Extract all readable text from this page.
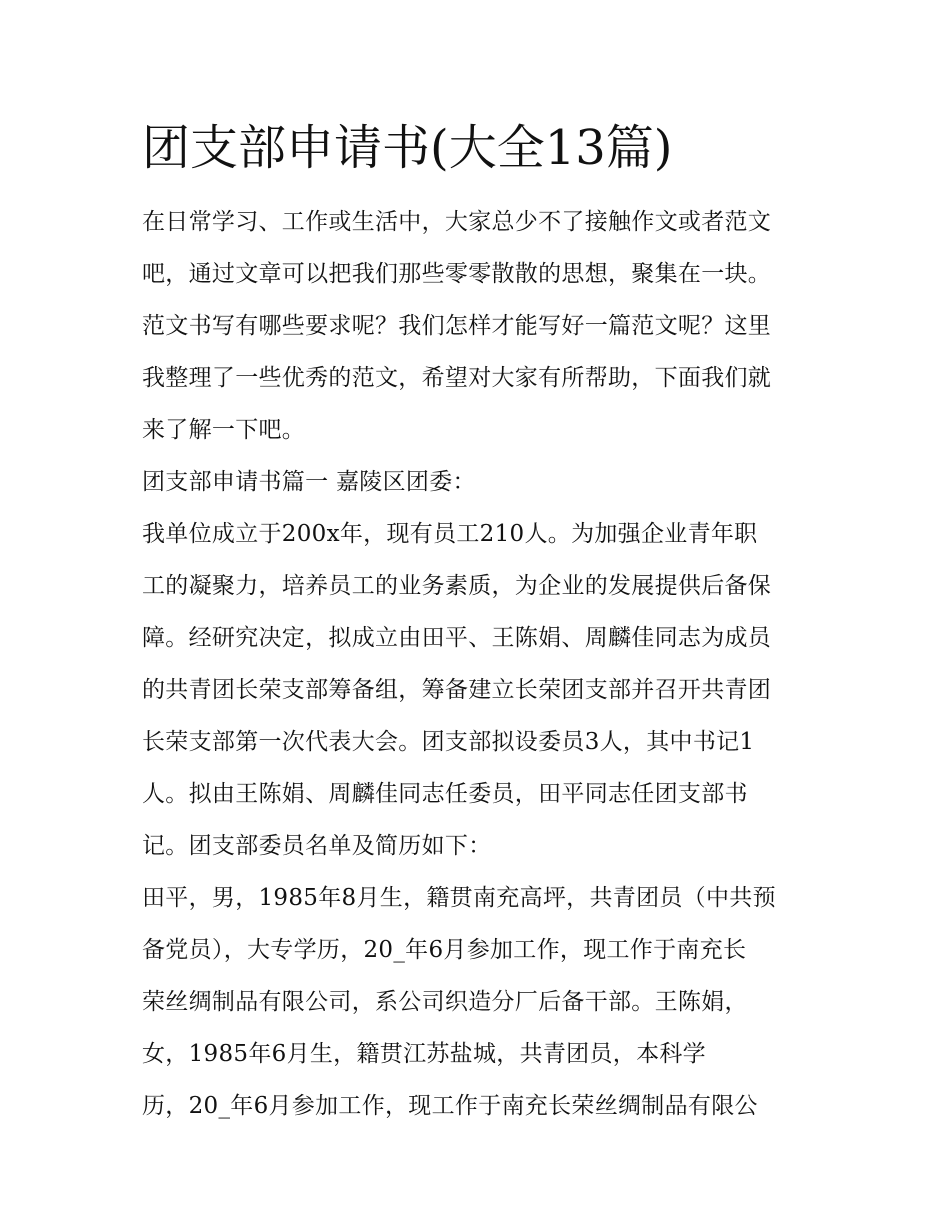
团支部申请书(大全13篇)
在日常学习、工作或生活中，大家总少不了接触作文或者范文
吧，通过文章可以把我们那些零零散散的思想，聚集在一块。
范文书写有哪些要求呢？我们怎样才能写好一篇范文呢？这里
我整理了一些优秀的范文，希望对大家有所帮助，下面我们就
来了解一下吧。
团支部申请书篇一 嘉陵区团委：
我单位成立于200x年，现有员工210人。为加强企业青年职
工的凝聚力，培养员工的业务素质，为企业的发展提供后备保
障。经研究决定，拟成立由田平、王陈娟、周麟佳同志为成员
的共青团长荣支部筹备组，筹备建立长荣团支部并召开共青团
长荣支部第一次代表大会。团支部拟设委员3人，其中书记1
人。拟由王陈娟、周麟佳同志任委员，田平同志任团支部书
记。团支部委员名单及简历如下：
田平，男，1985年8月生，籍贯南充高坪，共青团员（中共预
备党员），大专学历，20_年6月参加工作，现工作于南充长
荣丝绸制品有限公司，系公司织造分厂后备干部。王陈娟，
女，1985年6月生，籍贯江苏盐城，共青团员，本科学
历，20_年6月参加工作，现工作于南充长荣丝绸制品有限公
